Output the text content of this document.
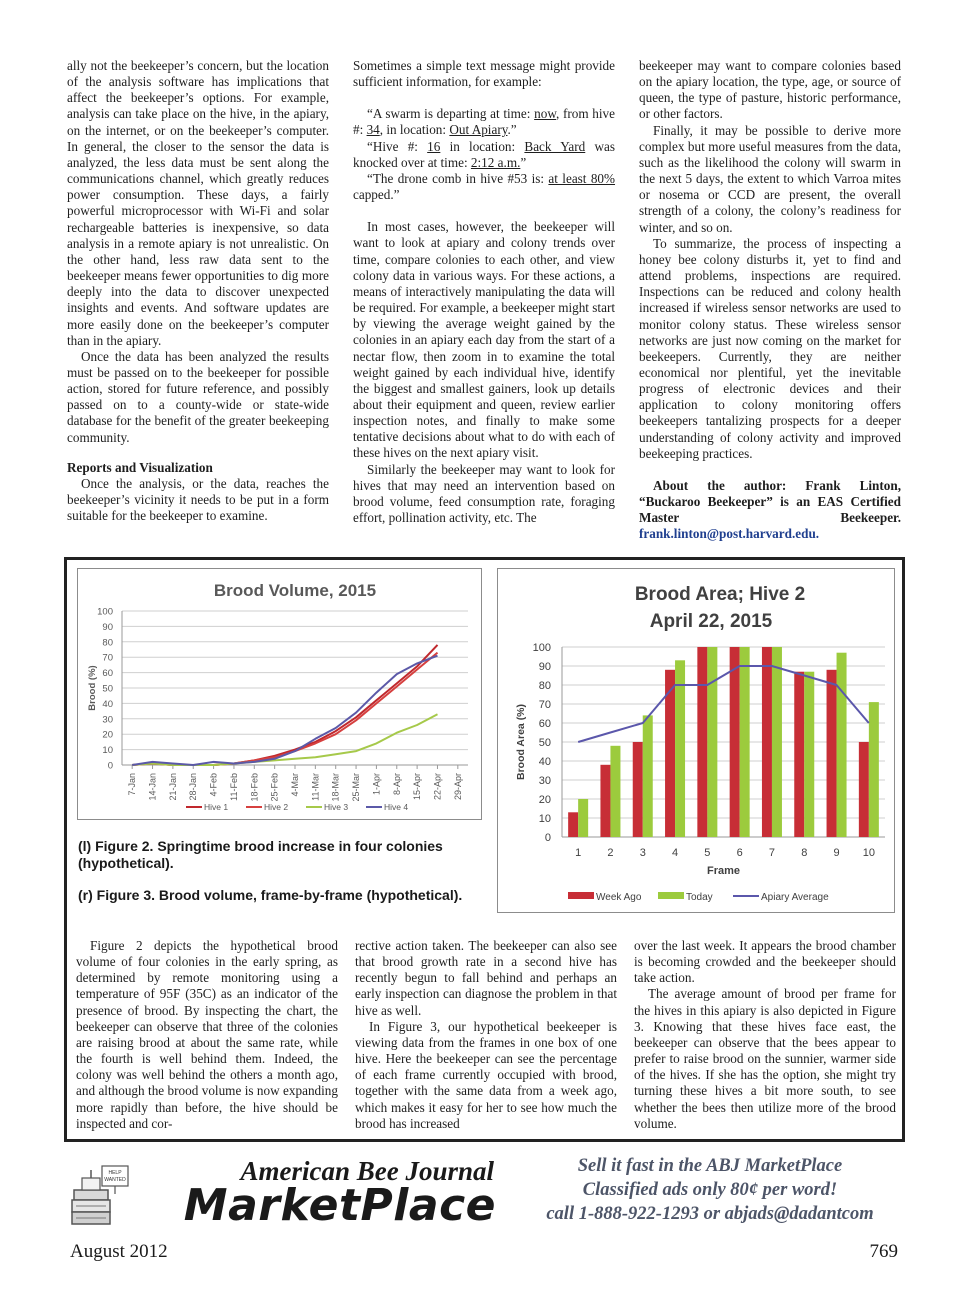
ally not the beekeeper’s concern, but the location of the analysis software has implications that affect the beekeeper’s options. For example, analysis can take place on the hive, in the apiary, on the internet, or on the beekeeper’s computer. In general, the closer to the sensor the data is analyzed, the less data must be sent along the communications channel, which greatly reduces power consumption. These days, a fairly powerful microprocessor with Wi-Fi and solar rechargeable batteries is inexpensive, so data analysis in a remote apiary is not unrealistic. On the other hand, less raw data sent to the beekeeper means fewer opportunities to dig more deeply into the data to discover unexpected insights and events. And software updates are more easily done on the beekeeper’s computer than in the apiary.

Once the data has been analyzed the results must be passed on to the beekeeper for possible action, stored for future reference, and possibly passed on to a county-wide or state-wide database for the benefit of the greater beekeeping community.

Reports and Visualization

Once the analysis, or the data, reaches the beekeeper’s vicinity it needs to be put in a form suitable for the beekeeper to examine.

Sometimes a simple text message might provide sufficient information, for example:

“A swarm is departing at time: now, from hive #: 34, in location: Out Apiary.”

“Hive #: 16 in location: Back Yard was knocked over at time: 2:12 a.m.”

“The drone comb in hive #53 is: at least 80% capped.”

In most cases, however, the beekeeper will want to look at apiary and colony trends over time, compare colonies to each other, and view colony data in various ways. For these actions, a means of interactively manipulating the data will be required. For example, a beekeeper might start by viewing the average weight gained by the colonies in an apiary each day from the start of a nectar flow, then zoom in to examine the total weight gained by each individual hive, identify the biggest and smallest gainers, look up details about their equipment and queen, review earlier inspection notes, and finally to make some tentative decisions about what to do with each of these hives on the next apiary visit.

Similarly the beekeeper may want to look for hives that may need an intervention based on brood volume, feed consumption rate, foraging effort, pollination activity, etc. The

beekeeper may want to compare colonies based on the apiary location, the type, age, or source of queen, the type of pasture, historic performance, or other factors.

Finally, it may be possible to derive more complex but more useful measures from the data, such as the likelihood the colony will swarm in the next 5 days, the extent to which Varroa mites or nosema or CCD are present, the overall strength of a colony, the colony’s readiness for winter, and so on.

To summarize, the process of inspecting a honey bee colony disturbs it, yet to find and attend problems, inspections are required. Inspections can be reduced and colony health increased if wireless sensor networks are used to monitor colony status. These wireless sensor networks are just now coming on the market for beekeepers. Currently, they are neither economical nor plentiful, yet the inevitable progress of electronic devices and their application to colony monitoring offers beekeepers tantalizing prospects for a deeper understanding of colony activity and improved beekeeping practices.

About the author: Frank Linton, “Buckaroo Beekeeper” is an EAS Certified Master Beekeeper. frank.linton@post.harvard.edu.

Brood Volume, 2015
0
10
20
30
40
50
60
70
80
90
100
Brood (%)
7-Jan 14-Jan 21-Jan 28-Jan 4-Feb 11-Feb 18-Feb 25-Feb 4-Mar 11-Mar 18-Mar 25-Mar 1-Apr 8-Apr 15-Apr 22-Apr 29-Apr
Hive 1	Hive 2	Hive 3	Hive 4
Brood Area; Hive 2
April 22, 2015
0
10
20
30
40
50
60
70
80
90
100
Brood Area (%)
1 2 3 4 5 6 7 8 9 10
Frame
Week Ago	Today	Apiary Average
(l) Figure 2. Springtime brood increase in four colonies (hypothetical).
(r) Figure 3. Brood volume, frame-by-frame (hypothetical).

Figure 2 depicts the hypothetical brood volume of four colonies in the early spring, as determined by remote monitoring using a temperature of 95F (35C) as an indicator of the presence of brood. By inspecting the chart, the beekeeper can observe that three of the colonies are raising brood at about the same rate, while the fourth is well behind them. Indeed, the colony was well behind the others a month ago, and although the brood volume is now expanding more rapidly than before, the hive should be inspected and cor-

rective action taken. The beekeeper can also see that brood growth rate in a second hive has recently begun to fall behind and perhaps an early inspection can diagnose the problem in that hive as well.

In Figure 3, our hypothetical beekeeper is viewing data from the frames in one box of one hive. Here the beekeeper can see the percentage of each frame currently occupied with brood, together with the same data from a week ago, which makes it easy for her to see how much the brood has increased

over the last week. It appears the brood chamber is becoming crowded and the beekeeper should take action.

The average amount of brood per frame for the hives in this apiary is also depicted in Figure 3. Knowing that these hives face east, the beekeeper can observe that the bees appear to prefer to raise brood on the sunnier, warmer side of the hives. If she has the option, she might try turning these hives a bit more south, to see whether the bees then utilize more of the brood volume.

HELP
WANTED	American Bee Journal
MarketPlace
Sell it fast in the ABJ MarketPlace
Classified ads only 80¢ per word!
call 1-888-922-1293 or abjads@dadantcom
August 2012	769
